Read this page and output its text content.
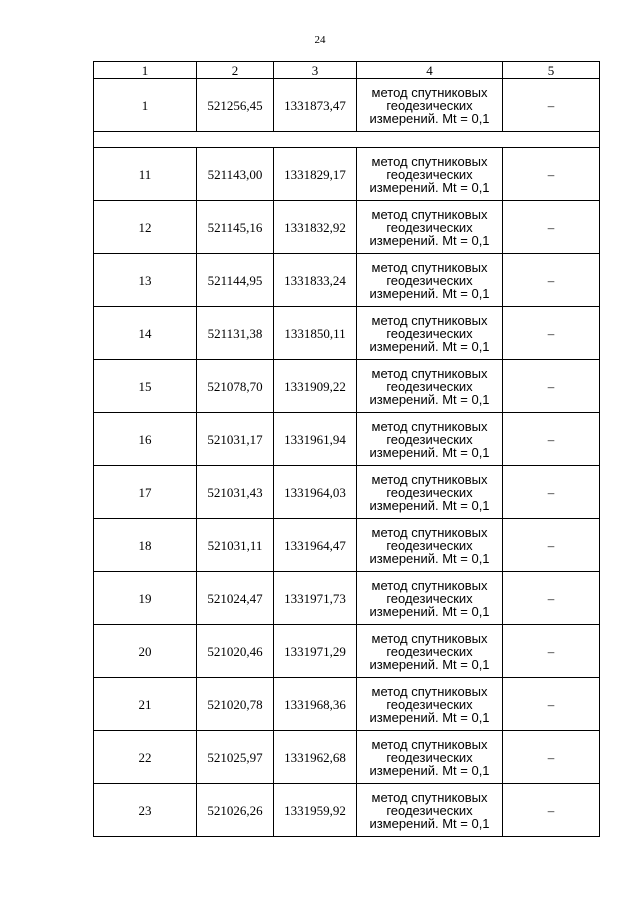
24
1	2	3	4	5
1	521256,45	1331873,47	метод спутниковых
геодезических
измерений. Mt = 0,1	–

11	521143,00	1331829,17	метод спутниковых
геодезических
измерений. Mt = 0,1	–
12	521145,16	1331832,92	метод спутниковых
геодезических
измерений. Mt = 0,1	–
13	521144,95	1331833,24	метод спутниковых
геодезических
измерений. Mt = 0,1	–
14	521131,38	1331850,11	метод спутниковых
геодезических
измерений. Mt = 0,1	–
15	521078,70	1331909,22	метод спутниковых
геодезических
измерений. Mt = 0,1	–
16	521031,17	1331961,94	метод спутниковых
геодезических
измерений. Mt = 0,1	–
17	521031,43	1331964,03	метод спутниковых
геодезических
измерений. Mt = 0,1	–
18	521031,11	1331964,47	метод спутниковых
геодезических
измерений. Mt = 0,1	–
19	521024,47	1331971,73	метод спутниковых
геодезических
измерений. Mt = 0,1	–
20	521020,46	1331971,29	метод спутниковых
геодезических
измерений. Mt = 0,1	–
21	521020,78	1331968,36	метод спутниковых
геодезических
измерений. Mt = 0,1	–
22	521025,97	1331962,68	метод спутниковых
геодезических
измерений. Mt = 0,1	–
23	521026,26	1331959,92	метод спутниковых
геодезических
измерений. Mt = 0,1	–
